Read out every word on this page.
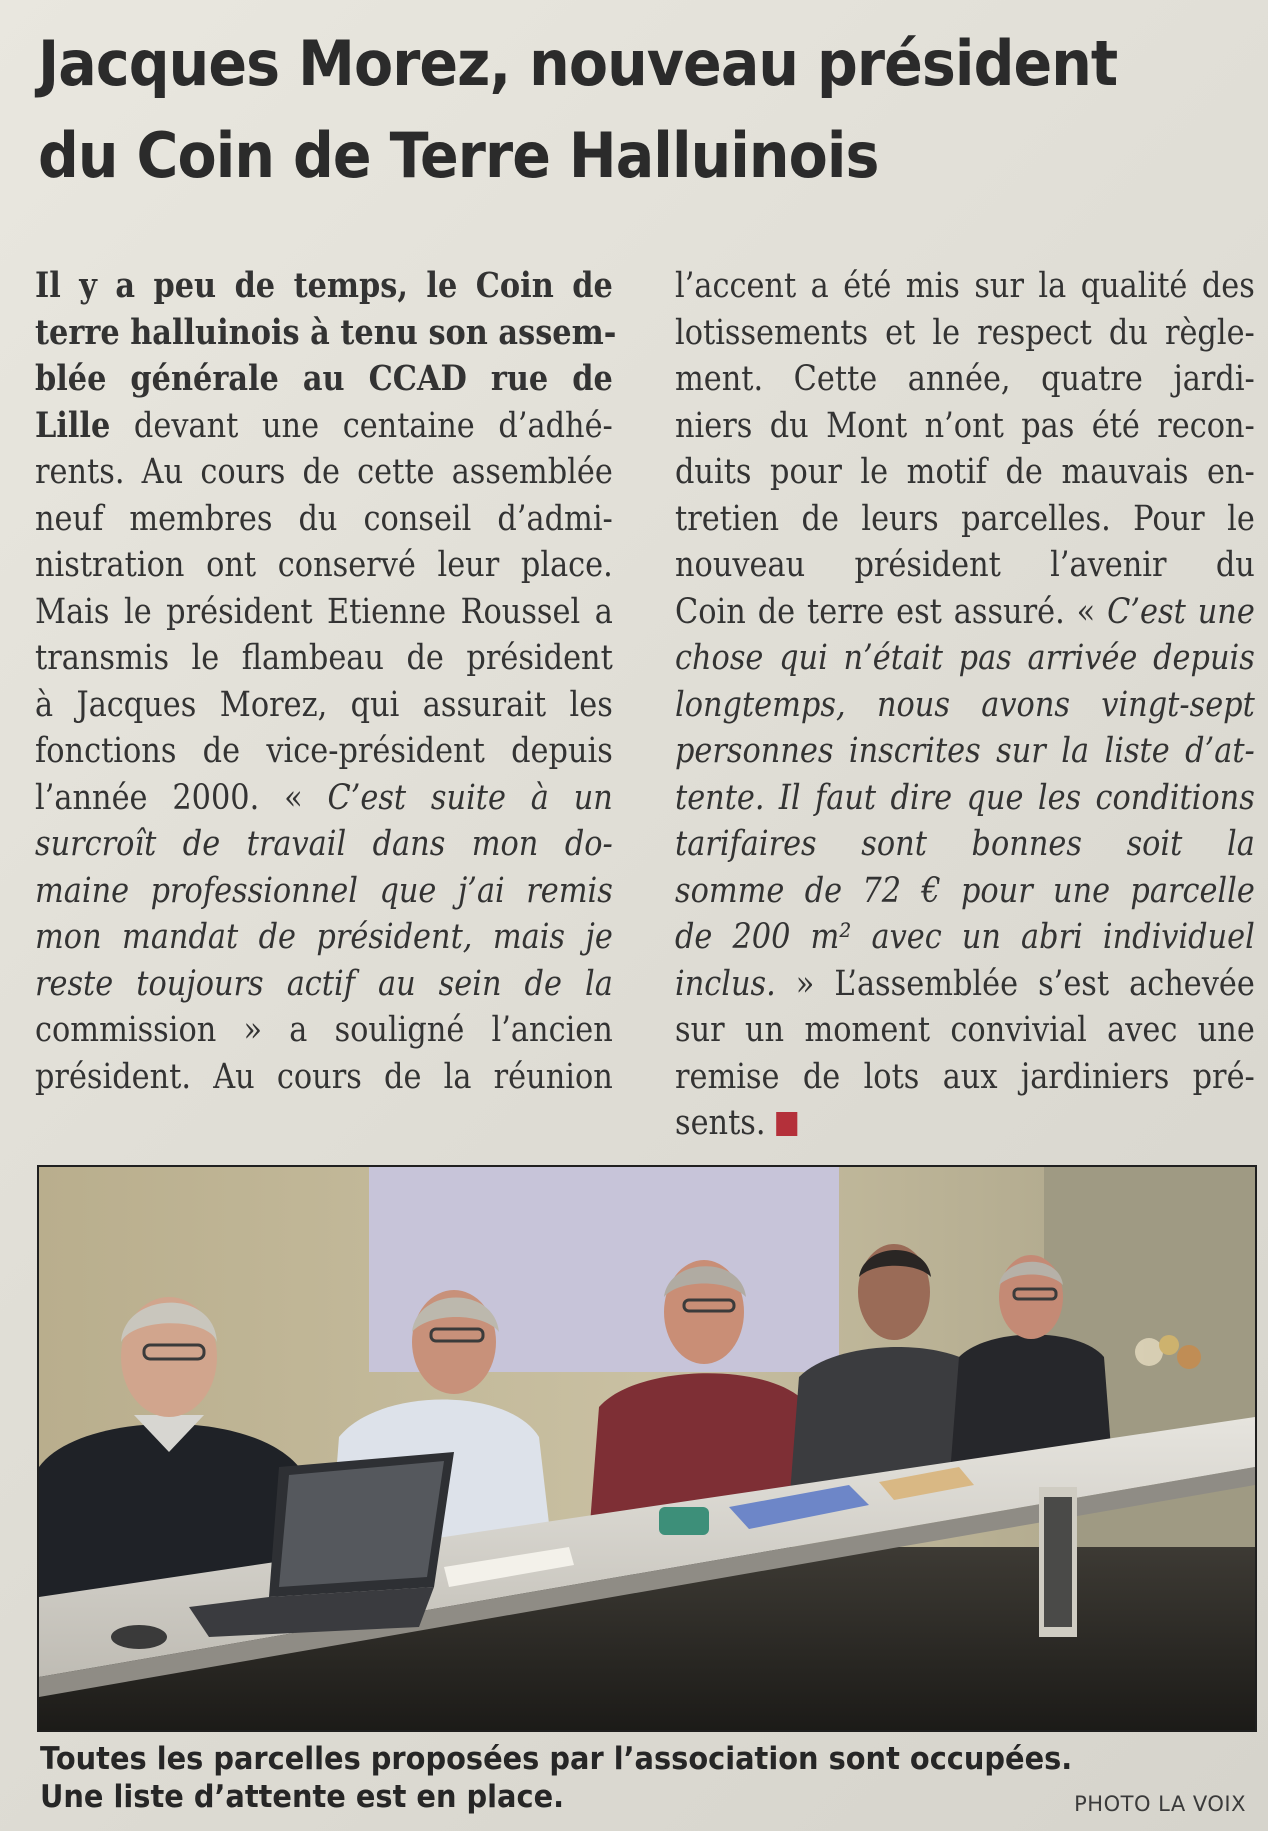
Jacques Morez, nouveau président
du Coin de Terre Halluinois
Il y a peu de temps, le Coin de
terre halluinois à tenu son assem-
blée générale au CCAD rue de
Lille devant une centaine d’adhé-
rents. Au cours de cette assemblée
neuf membres du conseil d’admi-
nistration ont conservé leur place.
Mais le président Etienne Roussel a
transmis le flambeau de président
à Jacques Morez, qui assurait les
fonctions de vice-président depuis
l’année 2000. « C’est suite à un
surcroît de travail dans mon do-
maine professionnel que j’ai remis
mon mandat de président, mais je
reste toujours actif au sein de la
commission » a souligné l’ancien
président. Au cours de la réunion
l’accent a été mis sur la qualité des
lotissements et le respect du règle-
ment. Cette année, quatre jardi-
niers du Mont n’ont pas été recon-
duits pour le motif de mauvais en-
tretien de leurs parcelles. Pour le
nouveau président l’avenir du
Coin de terre est assuré. « C’est une
chose qui n’était pas arrivée depuis
longtemps, nous avons vingt-sept
personnes inscrites sur la liste d’at-
tente. Il faut dire que les conditions
tarifaires sont bonnes soit la
somme de 72 € pour une parcelle
de 200 m² avec un abri individuel
inclus. » L’assemblée s’est achevée
sur un moment convivial avec une
remise de lots aux jardiniers pré-
sents.
Toutes les parcelles proposées par l’association sont occupées.
Une liste d’attente est en place.	PHOTO LA VOIX
